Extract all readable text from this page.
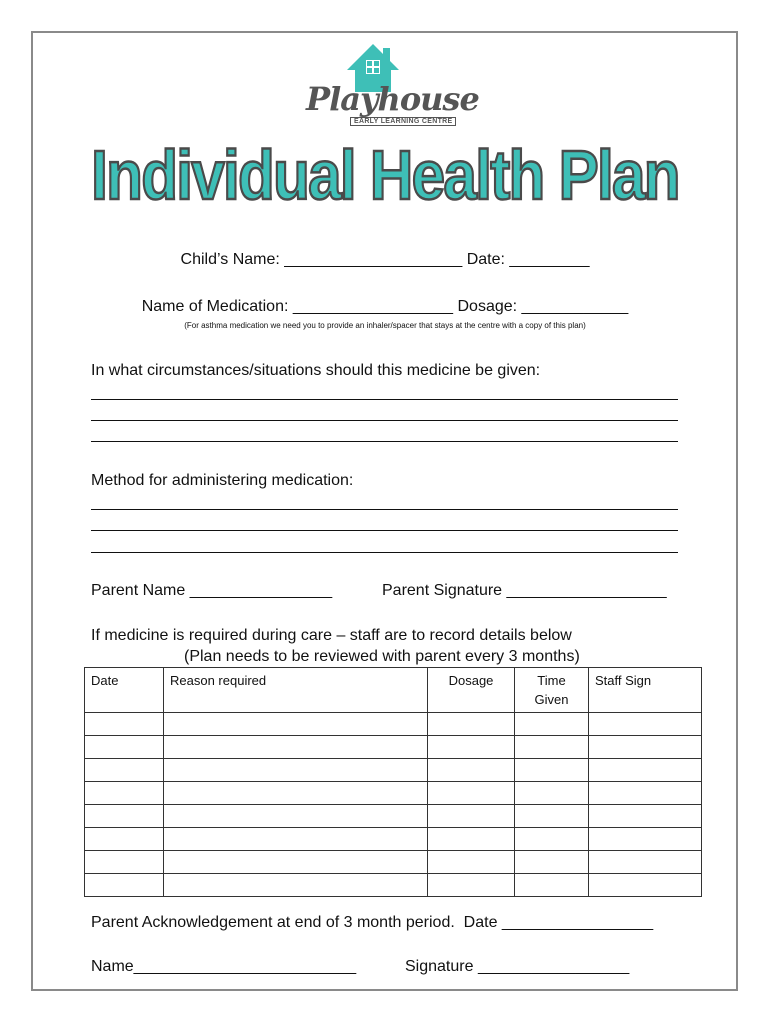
Playhouse
EARLY LEARNING CENTRE
Individual Health Plan
Child’s Name: ____________________ Date: _________
Name of Medication: __________________ Dosage: ____________
(For asthma medication we need you to provide an inhaler/spacer that stays at the centre with a copy of this plan)
In what circumstances/situations should this medicine be given:
Method for administering medication:
Parent Name ________________	Parent Signature __________________
If medicine is required during care – staff are to record details below
(Plan needs to be reviewed with parent every 3 months)
Date	Reason required	Dosage	Time Given	Staff Sign

Parent Acknowledgement at end of 3 month period.  Date _________________
Name_________________________	Signature _________________
